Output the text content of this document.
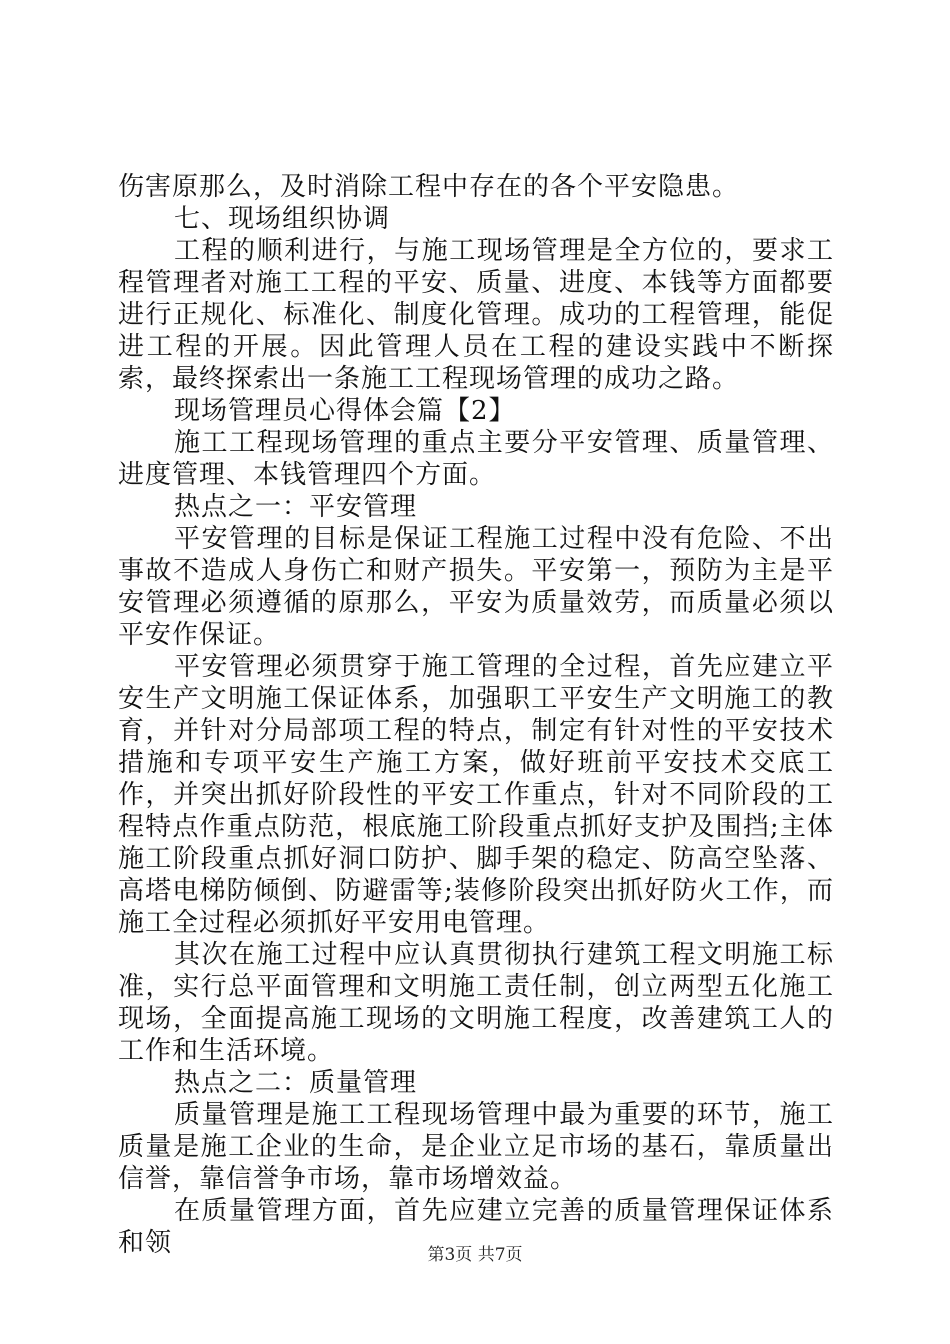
伤害原那么，及时消除工程中存在的各个平安隐患。

七、现场组织协调

工程的顺利进行，与施工现场管理是全方位的，要求工程管理者对施工工程的平安、质量、进度、本钱等方面都要进行正规化、标准化、制度化管理。成功的工程管理，能促进工程的开展。因此管理人员在工程的建设实践中不断探索，最终探索出一条施工工程现场管理的成功之路。

现场管理员心得体会篇【2】

施工工程现场管理的重点主要分平安管理、质量管理、进度管理、本钱管理四个方面。

热点之一：平安管理

平安管理的目标是保证工程施工过程中没有危险、不出事故不造成人身伤亡和财产损失。平安第一，预防为主是平安管理必须遵循的原那么，平安为质量效劳，而质量必须以平安作保证。

平安管理必须贯穿于施工管理的全过程，首先应建立平安生产文明施工保证体系，加强职工平安生产文明施工的教育，并针对分局部项工程的特点，制定有针对性的平安技术措施和专项平安生产施工方案，做好班前平安技术交底工作，并突出抓好阶段性的平安工作重点，针对不同阶段的工程特点作重点防范，根底施工阶段重点抓好支护及围挡;主体施工阶段重点抓好洞口防护、脚手架的稳定、防高空坠落、高塔电梯防倾倒、防避雷等;装修阶段突出抓好防火工作，而施工全过程必须抓好平安用电管理。

其次在施工过程中应认真贯彻执行建筑工程文明施工标准，实行总平面管理和文明施工责任制，创立两型五化施工现场，全面提高施工现场的文明施工程度，改善建筑工人的工作和生活环境。

热点之二：质量管理

质量管理是施工工程现场管理中最为重要的环节，施工质量是施工企业的生命，是企业立足市场的基石，靠质量出信誉，靠信誉争市场，靠市场增效益。

在质量管理方面，首先应建立完善的质量管理保证体系和领	第3页 共7页
